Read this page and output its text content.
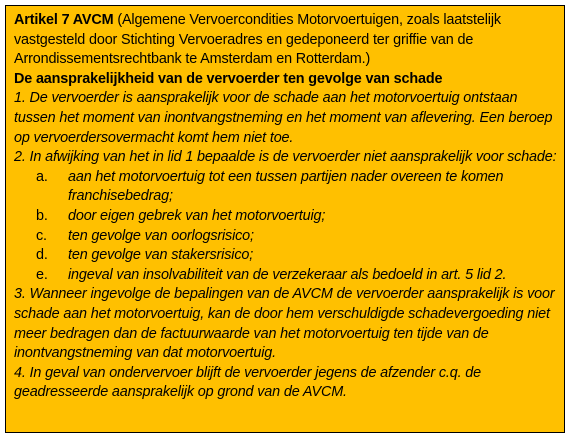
Artikel 7 AVCM (Algemene Vervoercondities Motorvoertuigen, zoals laatstelijk vastgesteld door Stichting Vervoeradres en gedeponeerd ter griffie van de Arrondissementsrechtbank te Amsterdam en Rotterdam.)

De aansprakelijkheid van de vervoerder ten gevolge van schade

1. De vervoerder is aansprakelijk voor de schade aan het motorvoertuig ontstaan tussen het moment van inontvangstneming en het moment van aflevering. Een beroep op vervoerdersovermacht komt hem niet toe.

2. In afwijking van het in lid 1 bepaalde is de vervoerder niet aansprakelijk voor schade:

a. aan het motorvoertuig tot een tussen partijen nader overeen te komen franchisebedrag;
b. door eigen gebrek van het motorvoertuig;
c. ten gevolge van oorlogsrisico;
d. ten gevolge van stakersrisico;
e. ingeval van insolvabiliteit van de verzekeraar als bedoeld in art. 5 lid 2.

3. Wanneer ingevolge de bepalingen van de AVCM de vervoerder aansprakelijk is voor schade aan het motorvoertuig, kan de door hem verschuldigde schadevergoeding niet meer bedragen dan de factuurwaarde van het motorvoertuig ten tijde van de inontvangstneming van dat motorvoertuig.

4. In geval van ondervervoer blijft de vervoerder jegens de afzender c.q. de geadresseerde aansprakelijk op grond van de AVCM.
